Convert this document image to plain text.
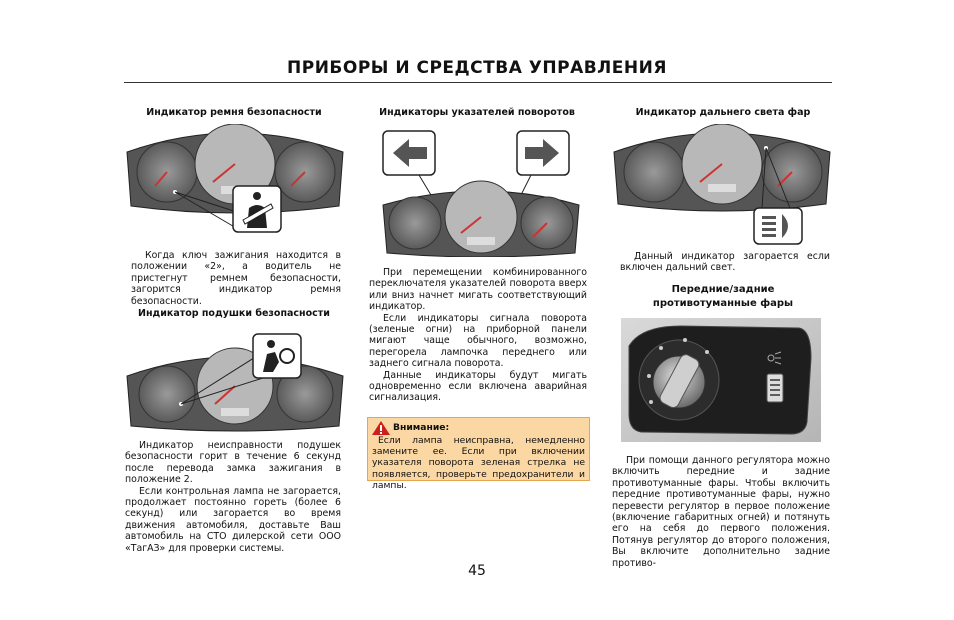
ПРИБОРЫ И СРЕДСТВА УПРАВЛЕНИЯ
Индикатор ремня безопасности
Когда ключ зажигания находится в положении «2», а водитель не пристегнут ремнем безопасности, загорится индикатор ремня безопасности.
Индикатор подушки безопасности
Индикатор неисправности подушек безопасности горит в течение 6 секунд после перевода замка зажигания в положение 2.
Если контрольная лампа не загорается, продолжает постоянно гореть (более 6 секунд) или загорается во время движения автомобиля, доставьте Ваш автомобиль на СТО дилерской сети ООО «ТагАЗ» для проверки системы.
Индикаторы указателей поворотов
При перемещении комбинированного переключателя указателей поворота вверх или вниз начнет мигать соответствующий индикатор.
Если индикаторы сигнала поворота (зеленые огни) на приборной панели мигают чаще обычного, возможно, перегорела лампочка переднего или заднего сигнала поворота.
Данные индикаторы будут мигать одновременно если включена аварийная сигнализация.
Внимание:
Если лампа неисправна, немедленно замените ее. Если при включении указателя поворота зеленая стрелка не появляется, проверьте предохранители и лампы.
Индикатор дальнего света фар
Данный индикатор загорается если включен дальний свет.
Передние/задние
противотуманные фары
При помощи данного регулятора можно включить передние и задние противотуманные фары. Чтобы включить передние противотуманные фары, нужно перевести регулятор в первое положение (включение габаритных огней) и потянуть его на себя до первого положения. Потянув регулятор до второго положения, Вы включите дополнительно задние противо-
45
